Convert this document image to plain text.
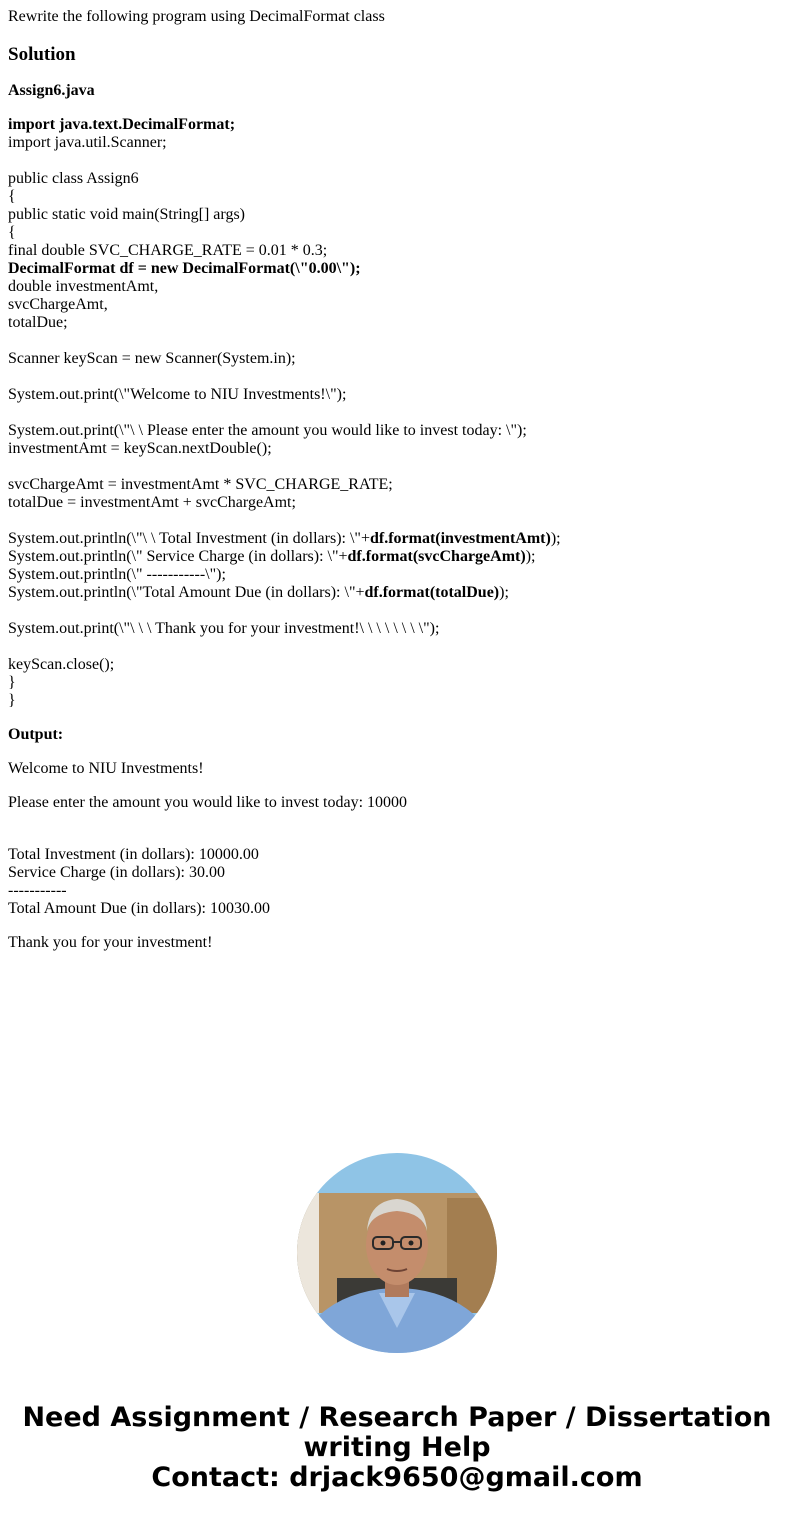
Rewrite the following program using DecimalFormat class

Solution

Assign6.java

import java.text.DecimalFormat;
import java.util.Scanner;
public class Assign6
{
public static void main(String[] args)
{
final double SVC_CHARGE_RATE = 0.01 * 0.3;
DecimalFormat df = new DecimalFormat(\"0.00\");
double investmentAmt,
svcChargeAmt,
totalDue;
Scanner keyScan = new Scanner(System.in);
System.out.print(\"Welcome to NIU Investments!\");
System.out.print(\"\ \ Please enter the amount you would like to invest today: \");
investmentAmt = keyScan.nextDouble();
svcChargeAmt = investmentAmt * SVC_CHARGE_RATE;
totalDue = investmentAmt + svcChargeAmt;
System.out.println(\"\ \ Total Investment (in dollars): \"+df.format(investmentAmt));
System.out.println(\" Service Charge (in dollars): \"+df.format(svcChargeAmt));
System.out.println(\" -----------\");
System.out.println(\"Total Amount Due (in dollars): \"+df.format(totalDue));
System.out.print(\"\ \ \ Thank you for your investment!\ \ \ \ \ \ \ \");
keyScan.close();
}
}

Output:

Welcome to NIU Investments!

Please enter the amount you would like to invest today: 10000

Total Investment (in dollars): 10000.00
Service Charge (in dollars): 30.00
-----------
Total Amount Due (in dollars): 10030.00

Thank you for your investment!

Need Assignment / Research Paper / Dissertation
writing Help
Contact: drjack9650@gmail.com
